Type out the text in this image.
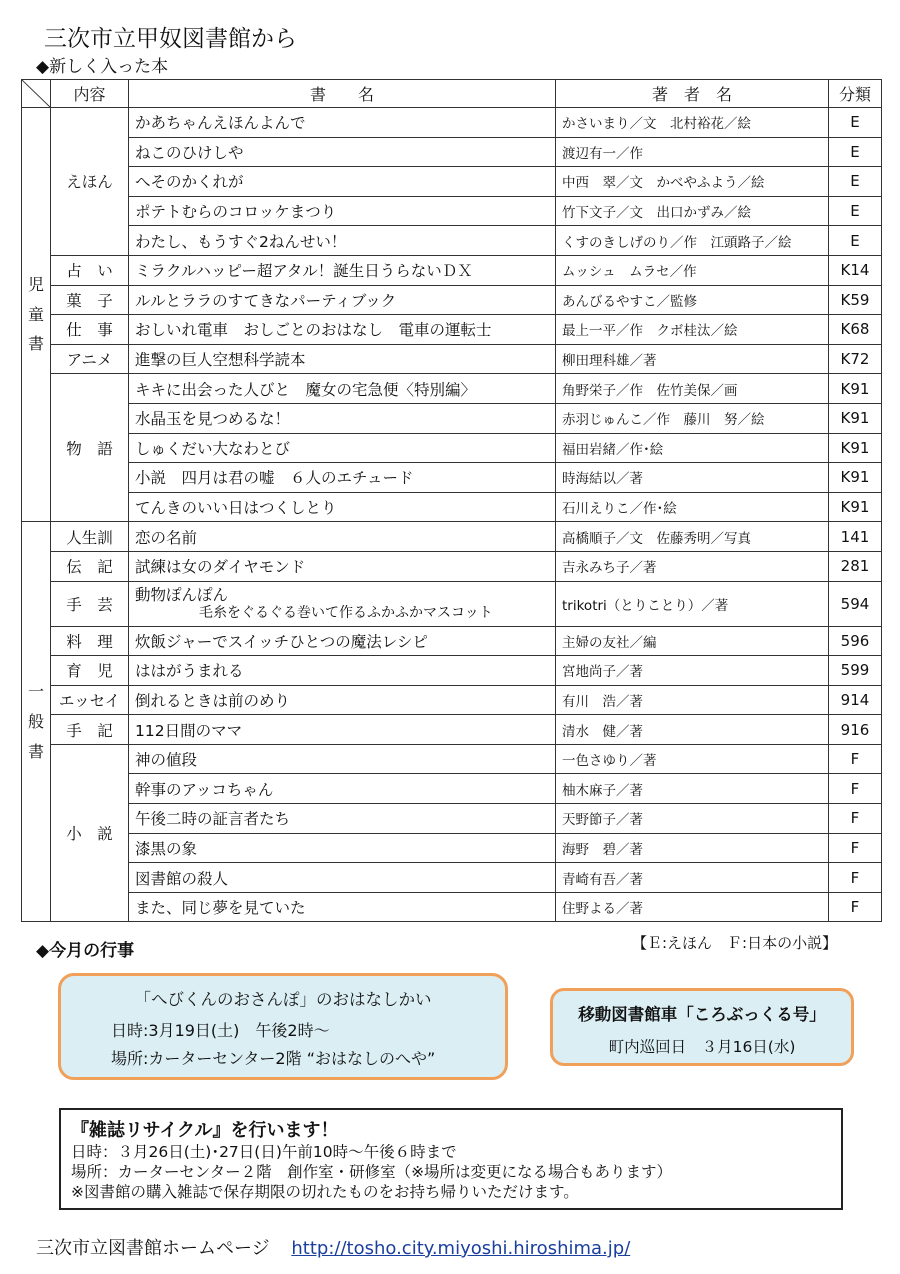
三次市立甲奴図書館から
◆新しく入った本
	内容	書　　名	著　者　名	分類

児
童
書	えほん	かあちゃんえほんよんで	かさいまり／文　北村裕花／絵	E
		ねこのひけしや	渡辺有一／作	E
		へそのかくれが	中西　翠／文　かべやふよう／絵	E
		ポテトむらのコロッケまつり	竹下文子／文　出口かずみ／絵	E
		わたし、もうすぐ2ねんせい！	くすのきしげのり／作　江頭路子／絵	E
	占　い	ミラクルハッピー超アタル！誕生日うらないＤＸ	ムッシュ　ムラセ／作	K14
	菓　子	ルルとララのすてきなパーティブック	あんびるやすこ／監修	K59
	仕　事	おしいれ電車　おしごとのおはなし　電車の運転士	最上一平／作　クボ桂汰／絵	K68
	アニメ	進撃の巨人空想科学読本	柳田理科雄／著	K72
	物　語	キキに出会った人びと　魔女の宅急便〈特別編〉	角野栄子／作　佐竹美保／画	K91
		水晶玉を見つめるな！	赤羽じゅんこ／作　藤川　努／絵	K91
		しゅくだい大なわとび	福田岩緒／作･絵	K91
		小説　四月は君の嘘　６人のエチュード	時海結以／著	K91
		てんきのいい日はつくしとり	石川えりこ／作･絵	K91

一
般
書	人生訓	恋の名前	高橋順子／文　佐藤秀明／写真	141
	伝　記	試練は女のダイヤモンド	吉永みち子／著	281
	手　芸	動物ぽんぽん
毛糸をぐるぐる巻いて作るふかふかマスコット	trikotri（とりことり）／著	594
	料　理	炊飯ジャーでスイッチひとつの魔法レシピ	主婦の友社／編	596
	育　児	ははがうまれる	宮地尚子／著	599
	エッセイ	倒れるときは前のめり	有川　浩／著	914
	手　記	112日間のママ	清水　健／著	916
	小　説	神の値段	一色さゆり／著	F
		幹事のアッコちゃん	柚木麻子／著	F
		午後二時の証言者たち	天野節子／著	F
		漆黒の象	海野　碧／著	F
		図書館の殺人	青崎有吾／著	F
		また、同じ夢を見ていた	住野よる／著	F
【Ｅ:えほん　Ｆ:日本の小説】
◆今月の行事
「へびくんのおさんぽ」のおはなしかい
日時:3月19日(土)　午後2時～
場所:カーターセンター2階 “おはなしのへや”
移動図書館車「ころぶっくる号」
町内巡回日　３月16日(水)
『雑誌リサイクル』を行います！
日時：３月26日(土)･27日(日)午前10時～午後６時まで
場所：カーターセンター２階　創作室・研修室（※場所は変更になる場合もあります）
※図書館の購入雑誌で保存期限の切れたものをお持ち帰りいただけます。
三次市立図書館ホームページ http://tosho.city.miyoshi.hiroshima.jp/
